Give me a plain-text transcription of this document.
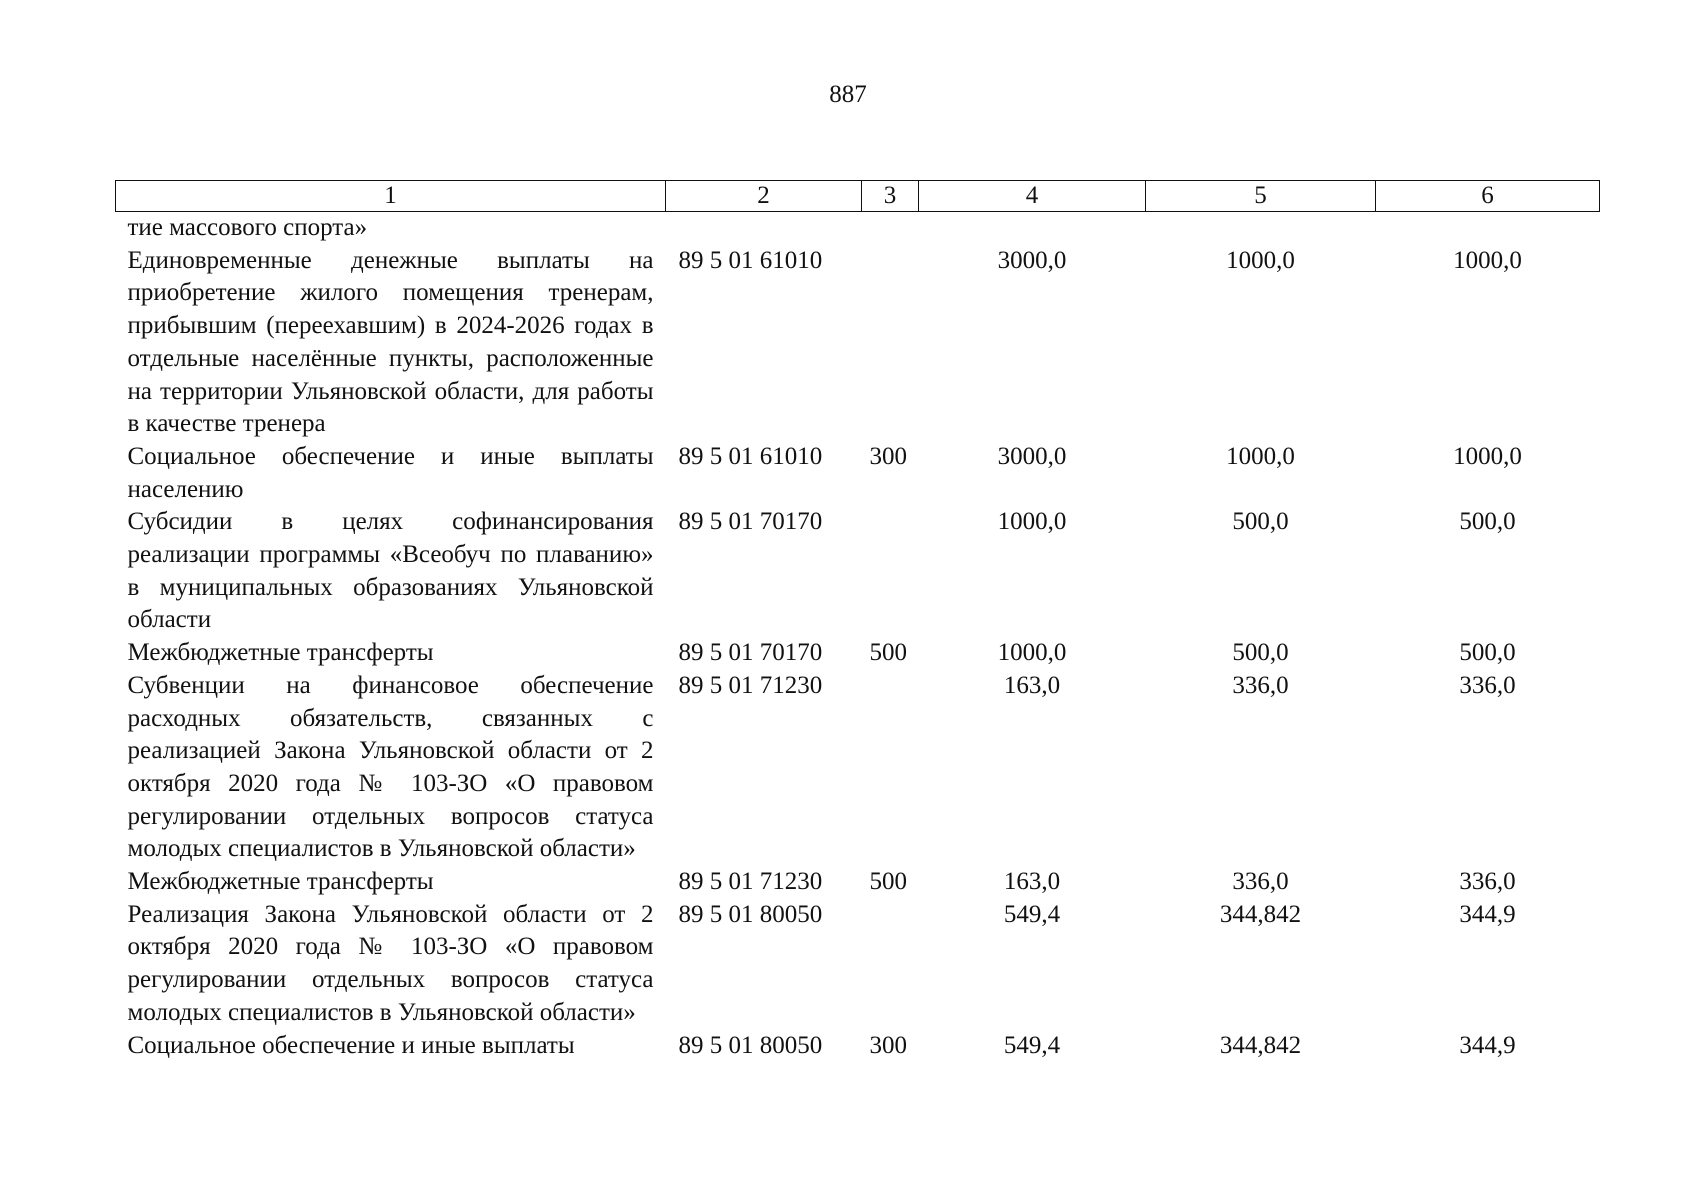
887
1	2	3	4	5	6
тие массового спорта»					
Единовременные денежные выплаты на приобретение жилого помещения тренерам, прибывшим (переехавшим) в 2024-2026 годах в отдельные населённые пункты, расположенные на территории Ульяновской области, для работы в качестве тренера	89 5 01 61010		3000,0	1000,0	1000,0
Социальное обеспечение и иные выплаты населению	89 5 01 61010	300	3000,0	1000,0	1000,0
Субсидии в целях софинансирования реализации программы «Всеобуч по плаванию» в муниципальных образованиях Ульяновской области	89 5 01 70170		1000,0	500,0	500,0
Межбюджетные трансферты	89 5 01 70170	500	1000,0	500,0	500,0
Субвенции на финансовое обеспечение расходных обязательств, связанных с реализацией Закона Ульяновской области от 2 октября 2020 года № 103-ЗО «О правовом регулировании отдельных вопросов статуса молодых специалистов в Ульяновской области»	89 5 01 71230		163,0	336,0	336,0
Межбюджетные трансферты	89 5 01 71230	500	163,0	336,0	336,0
Реализация Закона Ульяновской области от 2 октября 2020 года № 103-ЗО «О правовом регулировании отдельных вопросов статуса молодых специалистов в Ульяновской области»	89 5 01 80050		549,4	344,842	344,9
Социальное обеспечение и иные выплаты	89 5 01 80050	300	549,4	344,842	344,9
